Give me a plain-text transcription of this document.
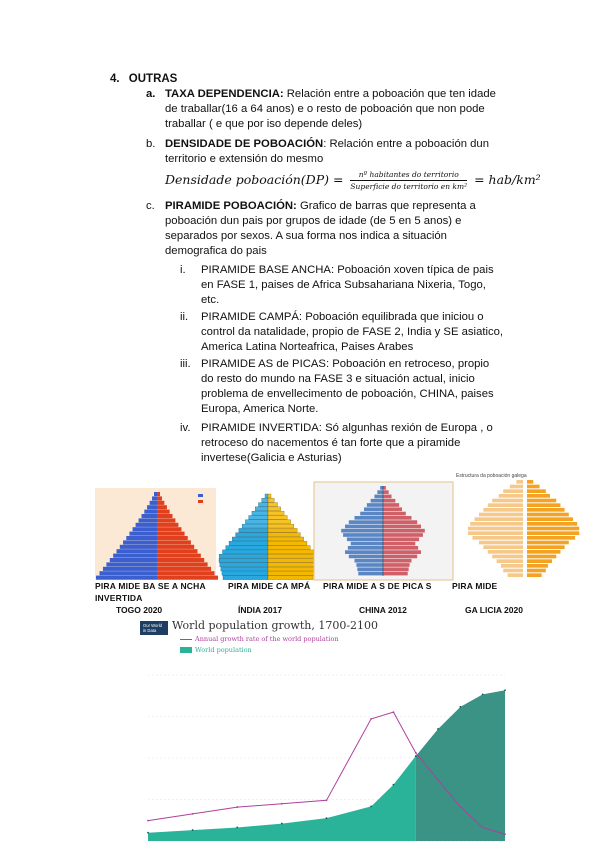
4. OUTRAS
a. TAXA DEPENDENCIA: Relación entre a poboación que ten idade
de traballar(16 a 64 anos) e o resto de poboación que non pode
traballar ( e que por iso depende deles)
b. DENSIDADE DE POBOACIÓN: Relación entre a poboación dun
territorio e extensión do mesmo
Densidade poboación(DP) = $\frac{\text{nº habitantes do territorio}}{\text{Superficie do territorio en km²}} = hab/km^2$
c. PIRAMIDE POBOACIÓN: Grafico de barras que representa a
poboación dun pais por grupos de idade (de 5 en 5 anos) e
separados por sexos. A sua forma nos indica a situación
demografica do pais
i. PIRAMIDE BASE ANCHA: Poboación xoven típica de pais
en FASE 1, paises de Africa Subsaharianа Nixeria, Togo,
etc.
ii. PIRAMIDE CAMPÁ: Poboación equilibrada que iniciou o
control da natalidade, propio de FASE 2, India y SE asiatico,
America Latina Norteafrica, Paises Arabes
iii. PIRAMIDE AS de PICAS: Poboación en retroceso, propio
do resto do mundo na FASE 3 e situación actual, inicio
problema de envellecimento de poboación, CHINA, paises
Europa, America Norte.
iv. PIRAMIDE INVERTIDA: Só algunhas rexión de Europa , o
retroceso do nacementos é tan forte que a piramide
invertese(Galicia e Asturias)
Estructura da poboación galega
PIRA MIDE BA SE A NCHA
INVERTIDA
TOGO 2020
PIRA MIDE CA MPÁ
ÍNDIA 2017
PIRA MIDE A S DE PICA S
CHINA 2012
PIRA MIDE
GA LICIA 2020
Our World
in Data	World population growth, 1700-2100
Annual growth rate of the world population
World population
